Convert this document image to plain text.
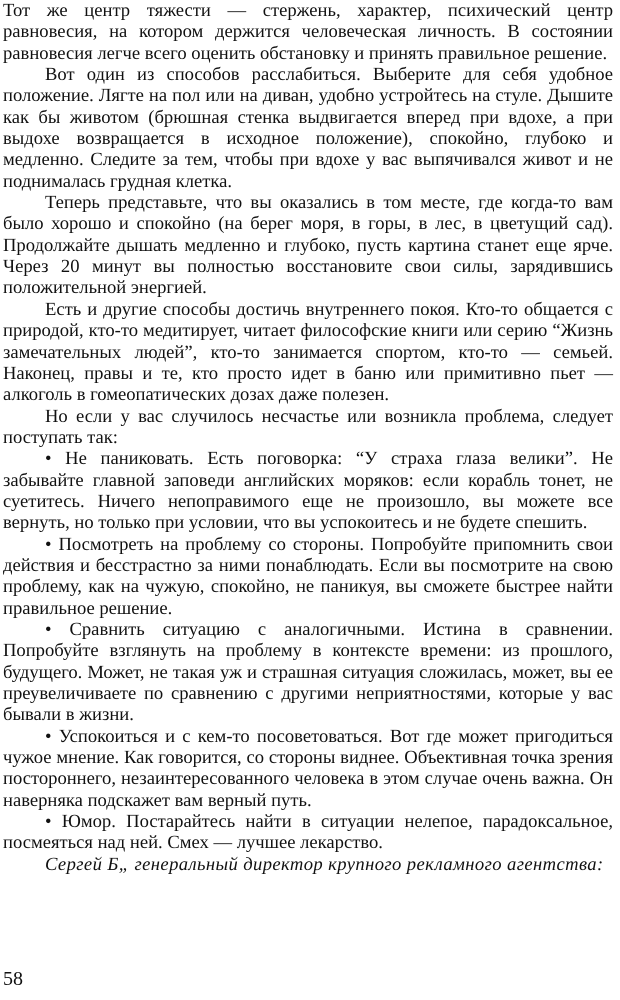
Тот же центр тяжести — стержень, характер, психический центр равновесия, на котором держится человеческая личность. В состоянии равновесия легче всего оценить обстановку и принять правильное решение.

Вот один из способов расслабиться. Выберите для себя удобное положение. Лягте на пол или на диван, удобно устройтесь на стуле. Дышите как бы животом (брюшная стенка выдвигается вперед при вдохе, а при выдохе возвращается в исходное положение), спокойно, глубоко и медленно. Следите за тем, чтобы при вдохе у вас выпячивался живот и не поднималась грудная клетка.

Теперь представьте, что вы оказались в том месте, где когда-то вам было хорошо и спокойно (на берег моря, в горы, в лес, в цветущий сад). Продолжайте дышать медленно и глубоко, пусть картина станет еще ярче. Через 20 минут вы полностью восстановите свои силы, зарядившись положительной энергией.

Есть и другие способы достичь внутреннего покоя. Кто-то общается с природой, кто-то медитирует, читает философские книги или серию “Жизнь замечательных людей”, кто-то занимается спортом, кто-то — семьей. Наконец, правы и те, кто просто идет в баню или примитивно пьет — алкоголь в гомеопатических дозах даже полезен.

Но если у вас случилось несчастье или возникла проблема, следует поступать так:

• Не паниковать. Есть поговорка: “У страха глаза велики”. Не забывайте главной заповеди английских моряков: если корабль тонет, не суетитесь. Ничего непоправимого еще не произошло, вы можете все вернуть, но только при условии, что вы успокоитесь и не будете спешить.

• Посмотреть на проблему со стороны. Попробуйте припомнить свои действия и бесстрастно за ними понаблюдать. Если вы посмотрите на свою проблему, как на чужую, спокойно, не паникуя, вы сможете быстрее найти правильное решение.

• Сравнить ситуацию с аналогичными. Истина в сравнении. Попробуйте взглянуть на проблему в контексте времени: из прошлого, будущего. Может, не такая уж и страшная ситуация сложилась, может, вы ее преувеличиваете по сравнению с другими неприятностями, которые у вас бывали в жизни.

• Успокоиться и с кем-то посоветоваться. Вот где может пригодиться чужое мнение. Как говорится, со стороны виднее. Объективная точка зрения постороннего, незаинтересованного человека в этом случае очень важна. Он наверняка подскажет вам верный путь.

• Юмор. Постарайтесь найти в ситуации нелепое, парадоксальное, посмеяться над ней. Смех — лучшее лекарство.

Сергей Б„ генеральный директор крупного рекламного агентства:

58
